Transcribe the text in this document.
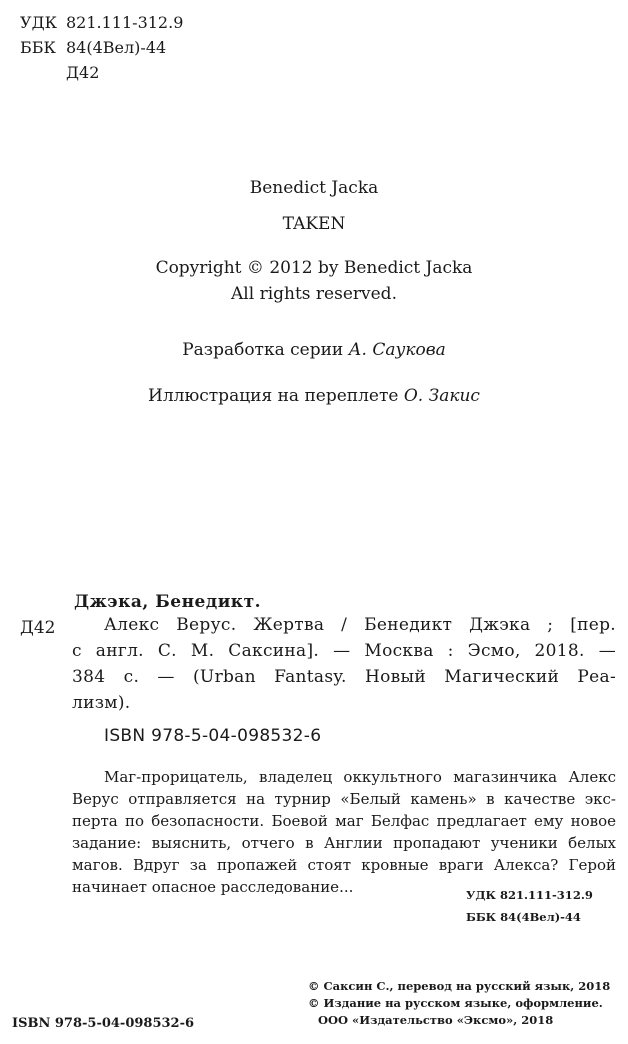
УДК 821.111-312.9
ББК 84(4Вел)-44
Д42
Benedict Jacka
TAKEN
Copyright © 2012 by Benedict Jacka
All rights reserved.
Разработка серии А. Саукова
Иллюстрация на переплете О. Закис
Джэка, Бенедикт.
Д42	Алекс Верус. Жертва / Бенедикт Джэка ; [пер.
с англ. С. М. Саксина]. — Москва : Эсмо, 2018. —
384 с. — (Urban Fantasy. Новый Магический Реа-
лизм).
ISBN 978-5-04-098532-6
Маг-прорицатель, владелец оккультного магазинчика Алекс
Верус отправляется на турнир «Белый камень» в качестве экс-
перта по безопасности. Боевой маг Белфас предлагает ему новое
задание: выяснить, отчего в Англии пропадают ученики белых
магов. Вдруг за пропажей стоят кровные враги Алекса? Герой
начинает опасное расследование...	УДК 821.111-312.9
ББК 84(4Вел)-44
© Саксин С., перевод на русский язык, 2018
© Издание на русском языке, оформление.
ООО «Издательство «Эксмо», 2018
ISBN 978-5-04-098532-6
